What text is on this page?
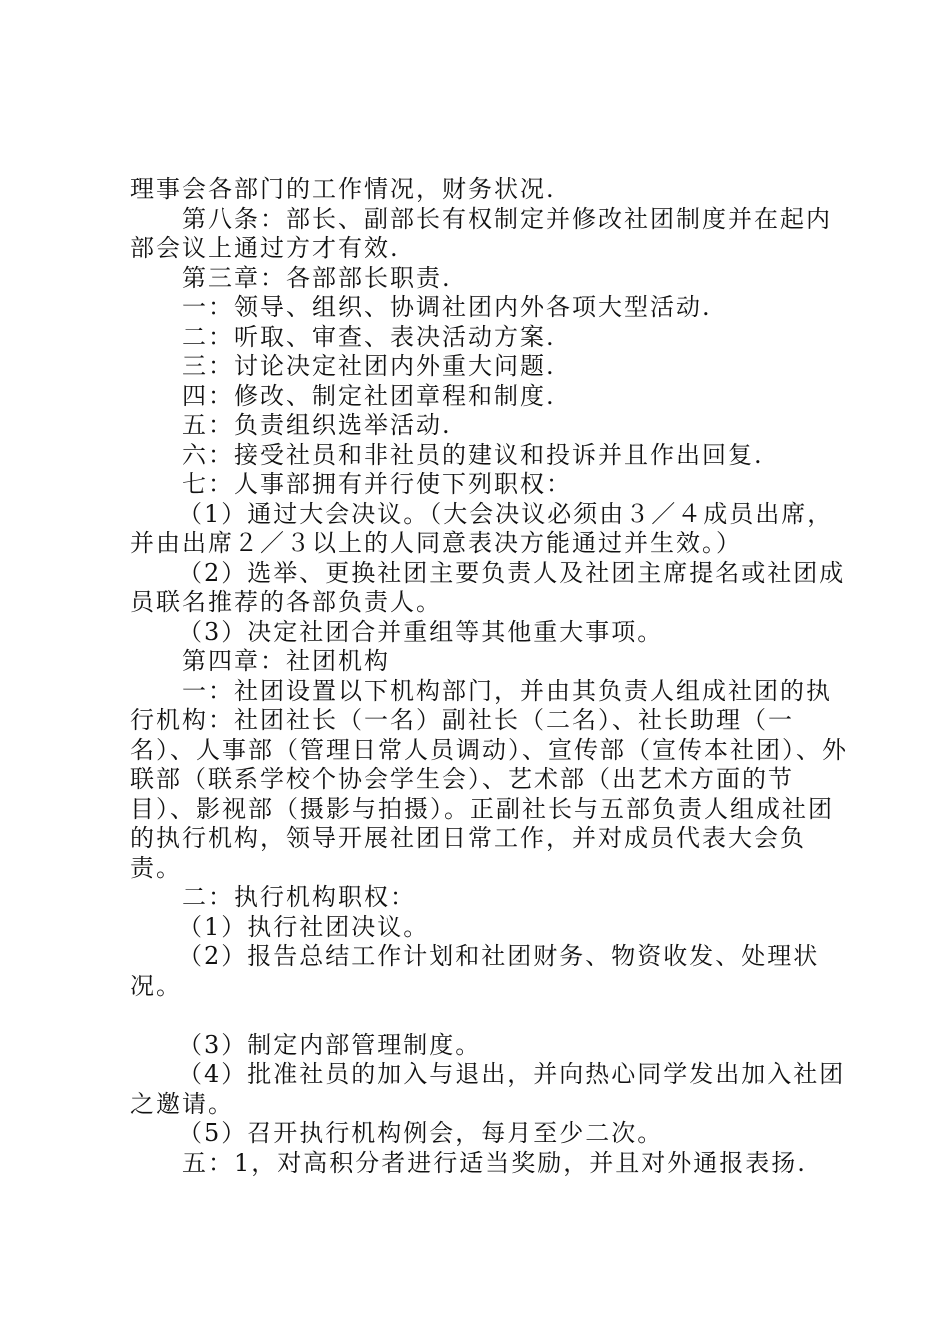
理事会各部门的工作情况，财务状况.

第八条：部长、副部长有权制定并修改社团制度并在起内部会议上通过方才有效.

第三章：各部部长职责.

一：领导、组织、协调社团内外各项大型活动.

二：听取、审查、表决活动方案.

三：讨论决定社团内外重大问题.

四：修改、制定社团章程和制度.

五：负责组织选举活动.

六：接受社员和非社员的建议和投诉并且作出回复.

七：人事部拥有并行使下列职权：

（1）通过大会决议。（大会决议必须由３／４成员出席，并由出席２／３以上的人同意表决方能通过并生效。）

（2）选举、更换社团主要负责人及社团主席提名或社团成员联名推荐的各部负责人。

（3）决定社团合并重组等其他重大事项。

第四章：社团机构

一：社团设置以下机构部门，并由其负责人组成社团的执行机构：社团社长（一名）副社长（二名）、社长助理（一名）、人事部（管理日常人员调动）、宣传部（宣传本社团）、外联部（联系学校个协会学生会）、艺术部（出艺术方面的节目）、影视部（摄影与拍摄）。正副社长与五部负责人组成社团的执行机构，领导开展社团日常工作，并对成员代表大会负责。

二：执行机构职权：

（1）执行社团决议。

（2）报告总结工作计划和社团财务、物资收发、处理状况。

（3）制定内部管理制度。

（4）批准社员的加入与退出，并向热心同学发出加入社团之邀请。

（5）召开执行机构例会，每月至少二次。

五：1，对高积分者进行适当奖励，并且对外通报表扬.
